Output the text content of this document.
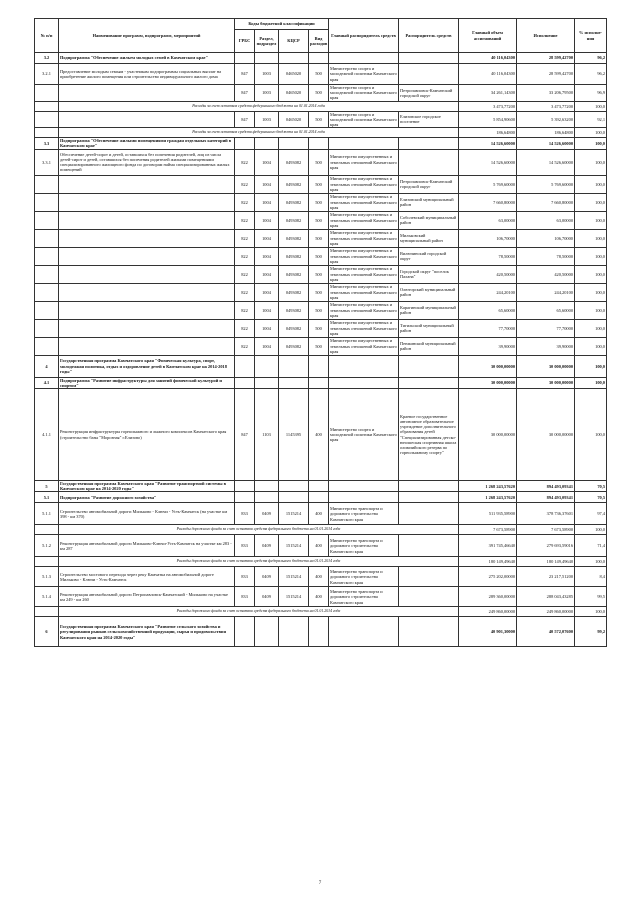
№ п/п	Наименование программ, подпрограмм, мероприятий	Коды бюджетной классификации				Главный распорядитель средств	Распорядитель средств	Главный объем ассигнований	Исполнение	% исполне-ния
		ГРБС	Раздел, подраздел	КЦСР	Вид расходов					
3.2	Подпрограмма "Обеспечение жильем молодых семей в Камчатском крае"							40 116,04300	28 599,42700	96,2
3.2.1	Предоставление молодым семьям - участникам подпрограммы социальных выплат на приобретение жилого помещения или строительство индивидуального жилого дома	847	1003	0465020	500	Министерство спорта и молодежной политики Камчатского края		40 116,04300	28 599,42700	96,2
		847	1003	0465020	500	Министерство спорта и молодежной политики Камчатского края	Петропавловск-Камчатский городской округ	34 261,14300	33 206,79500	96,9
	Расходы за счет остатков средств федерального бюджета на 01.01.2014 года							3 473,77200	3 473,77200	100,0
		847	1003	0465020	500	Министерство спорта и молодежной политики Камчатского края	Елизовское городское поселение	5 854,90600	5 392,63200	92,1
	Расходы за счет остатков средств федерального бюджета на 01.01.2014 года							186,64800	186,64800	100,0
3.3	Подпрограмма "Обеспечение жилыми помещениями граждан отдельных категорий в Камчатском крае"							14 526,60000	14 526,60000	100,0
3.3.1	Обеспечение детей-сирот и детей, оставшихся без попечения родителей, лиц из числа детей-сирот и детей, оставшихся без попечения родителей жилыми помещениями специализированного жилищного фонда по договорам найма специализированных жилых помещений	822	1004	0493082	500	Министерство имущественных и земельных отношений Камчатского края		14 526,60000	14 526,60000	100,0
		822	1004	0493082	500	Министерство имущественных и земельных отношений Камчатского края	Петропавловск-Камчатский городской округ	5 769,60000	5 769,60000	100,0
		822	1004	0493082	500	Министерство имущественных и земельных отношений Камчатского края	Елизовский муниципальный район	7 660,80000	7 660,80000	100,0
		822	1004	0493082	500	Министерство имущественных и земельных отношений Камчатского края	Соболевский муниципальный район	63,00000	63,00000	100,0
		822	1004	0493082	500	Министерство имущественных и земельных отношений Камчатского края	Мильковский муниципальный район	106,70000	106,70000	100,0
		822	1004	0493082	500	Министерство имущественных и земельных отношений Камчатского края	Вилючинский городской округ	78,50000	78,50000	100,0
		822	1004	0493082	500	Министерство имущественных и земельных отношений Камчатского края	Городской округ "поселок Палана"	420,50000	420,50000	100,0
		822	1004	0493082	500	Министерство имущественных и земельных отношений Камчатского края	Олюторский муниципальный район	244,20100	244,20100	100,0
		822	1004	0493082	500	Министерство имущественных и земельных отношений Камчатского края	Карагинский муниципальный район	65,60000	65,60000	100,0
		822	1004	0493082	500	Министерство имущественных и земельных отношений Камчатского края	Тигильский муниципальный район	77,70000	77,70000	100,0
		822	1004	0493082	500	Министерство имущественных и земельных отношений Камчатского края	Пенжинский муниципальный район	39,90000	39,90000	100,0
4	Государственная программа Камчатского края "Физическая культура, спорт, молодежная политика, отдых и оздоровление детей в Камчатском крае на 2014-2018 годы"							30 000,00000	30 000,00000	100,0
4.1	Подпрограмма "Развитие инфраструктуры для занятий физической культурой и спортом"							30 000,00000	30 000,00000	100,0
4.1.1	Реконструкция инфраструктуры горнолыжного и лыжного комплексов Камчатского края (строительство базы "Морозная" г.Елизово)	847	1103	1145395	400	Министерство спорта и молодежной политики Камчатского края	Краевое государственное автономное образовательное учреждение дополнительного образования детей "Специализированная детско-юношеская спортивная школа олимпийского резерва по горнолыжному спорту"	30 000,00000	30 000,00000	100,0
5	Государственная программа Камчатского края "Развитие транспортной системы в Камчатском крае на 2014-2020 годы"							1 268 243,57620	894 493,09341	70,5
5.1	Подпрограмма "Развитие дорожного хозяйства"							1 268 243,57620	894 493,09341	70,5
5.1.1	Строительство автомобильной дороги Мильково - Ключи - Усть-Камчатск (на участке км 398 - км 370)	833	0409	1515214	400	Министерство транспорта и дорожного строительства Камчатского края		511 935,58900	378 736,37601	97,4
	Расходы дорожного фонда за счет остатков средств федерального бюджета на 01.01.2014 года							7 673,58900	7 673,58900	100,0
5.1.2	Реконструкция автомобильной дороги Мильково-Ключи-Усть-Камчатск на участке км 283 - км 287	833	0409	1515214	400	Министерство транспорта и дорожного строительства Камчатского края		391 745,46640	279 693,59016	71,4
	Расходы дорожного фонда за счет остатков средств федерального бюджета на 01.01.2014 года							180 149,49640	180 149,49640	100,0
5.1.3	Строительство мостового перехода через реку Камчатка на автомобильной дороге Мильково - Ключи - Усть-Камчатск	833	0409	1515214	400	Министерство транспорта и дорожного строительства Камчатского края		275 202,00000	23 217,51200	8,4
5.1.4	Реконструкция автомобильной дороги Петропавловск-Камчатский - Мильково на участке км 249 - км 260	833	0409	1515214	400	Министерство транспорта и дорожного строительства Камчатского края		289 360,00000	288 043,43285	99,5
	Расходы дорожного фонда за счет остатков средств федерального бюджета на 01.01.2014 года							249 860,00000	249 860,00000	100,0
6	Государственная программа Камчатского края "Развитие сельского хозяйства и регулирования рынков сельскохозяйственной продукции, сырья и продовольствия Камчатского края на 2014-2020 годы"							40 901,30000	40 572,07600	99,2
7
